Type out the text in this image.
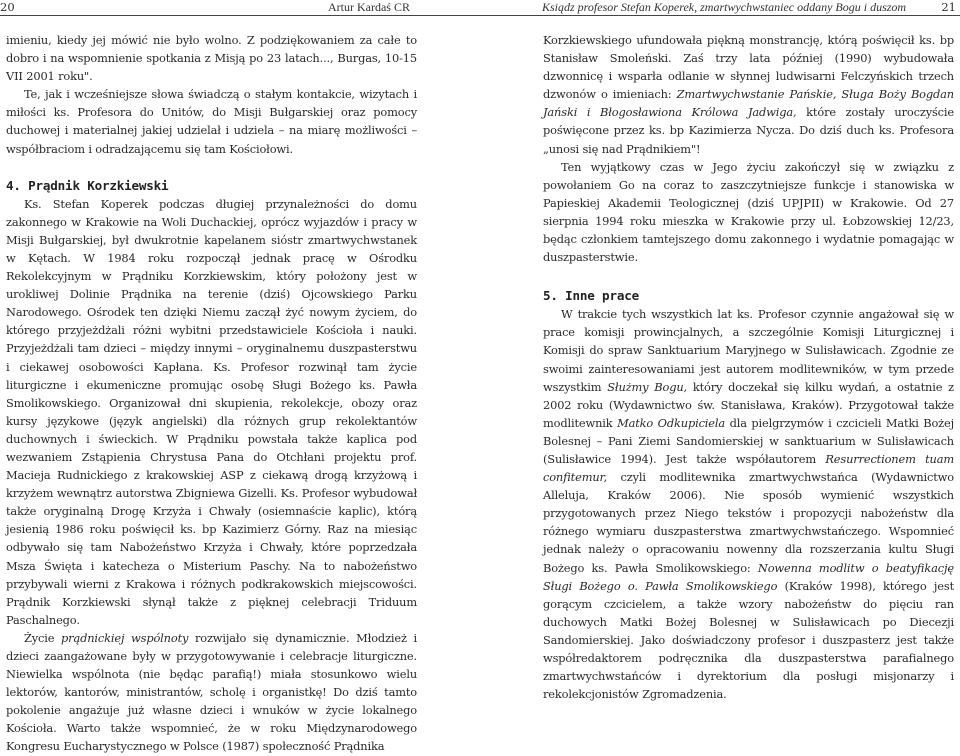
20	Artur Kardaś CR	Ksiądz profesor Stefan Koperek, zmartwychwstaniec oddany Bogu i duszom	21

imieniu, kiedy jej mówić nie było wolno. Z podziękowaniem za całe to dobro i na wspomnienie spotkania z Misją po 23 latach..., Burgas, 10-15 VII 2001 roku".

Te, jak i wcześniejsze słowa świadczą o stałym kontakcie, wizytach i miłości ks. Profesora do Unitów, do Misji Bułgarskiej oraz pomocy duchowej i materialnej jakiej udzielał i udziela – na miarę możliwości – współbraciom i odradzającemu się tam Kościołowi.

4. Prądnik Korzkiewski

Ks. Stefan Koperek podczas długiej przynależności do domu zakonnego w Krakowie na Woli Duchackiej, oprócz wyjazdów i pracy w Misji Bułgarskiej, był dwukrotnie kapelanem sióstr zmartwychwstanek w Kętach. W 1984 roku rozpoczął jednak pracę w Ośrodku Rekolekcyjnym w Prądniku Korzkiewskim, który położony jest w urokliwej Dolinie Prądnika na terenie (dziś) Ojcowskiego Parku Narodowego. Ośrodek ten dzięki Niemu zaczął żyć nowym życiem, do którego przyjeżdżali różni wybitni przedstawiciele Kościoła i nauki. Przyjeżdżali tam dzieci – między innymi – oryginalnemu duszpasterstwu i ciekawej osobowości Kapłana. Ks. Profesor rozwinął tam życie liturgiczne i ekumeniczne promując osobę Sługi Bożego ks. Pawła Smolikowskiego. Organizował dni skupienia, rekolekcje, obozy oraz kursy językowe (język angielski) dla różnych grup rekolektantów duchownych i świeckich. W Prądniku powstała także kaplica pod wezwaniem Zstąpienia Chrystusa Pana do Otchłani projektu prof. Macieja Rudnickiego z krakowskiej ASP z ciekawą drogą krzyżową i krzyżem wewnątrz autorstwa Zbigniewa Gizelli. Ks. Profesor wybudował także oryginalną Drogę Krzyża i Chwały (osiemnaście kaplic), którą jesienią 1986 roku poświęcił ks. bp Kazimierz Górny. Raz na miesiąc odbywało się tam Nabożeństwo Krzyża i Chwały, które poprzedzała Msza Święta i katecheza o Misterium Paschy. Na to nabożeństwo przybywali wierni z Krakowa i różnych podkrakowskich miejscowości. Prądnik Korzkiewski słynął także z pięknej celebracji Triduum Paschalnego.

Życie prądnickiej wspólnoty rozwijało się dynamicznie. Młodzież i dzieci zaangażowane były w przygotowywanie i celebracje liturgiczne. Niewielka wspólnota (nie będąc parafią!) miała stosunkowo wielu lektorów, kantorów, ministrantów, scholę i organistkę! Do dziś tamto pokolenie angażuje już własne dzieci i wnuków w życie lokalnego Kościoła. Warto także wspomnieć, że w roku Międzynarodowego Kongresu Eucharystycznego w Polsce (1987) społeczność Prądnika

Korzkiewskiego ufundowała piękną monstrancję, którą poświęcił ks. bp Stanisław Smoleński. Zaś trzy lata później (1990) wybudowała dzwonnicę i wsparła odlanie w słynnej ludwisarni Felczyńskich trzech dzwonów o imieniach: Zmartwychwstanie Pańskie, Sługa Boży Bogdan Jański i Błogosławiona Królowa Jadwiga, które zostały uroczyście poświęcone przez ks. bp Kazimierza Nycza. Do dziś duch ks. Profesora „unosi się nad Prądnikiem"!

Ten wyjątkowy czas w Jego życiu zakończył się w związku z powołaniem Go na coraz to zaszczytniejsze funkcje i stanowiska w Papieskiej Akademii Teologicznej (dziś UPJPII) w Krakowie. Od 27 sierpnia 1994 roku mieszka w Krakowie przy ul. Łobzowskiej 12/23, będąc członkiem tamtejszego domu zakonnego i wydatnie pomagając w duszpasterstwie.

5. Inne prace

W trakcie tych wszystkich lat ks. Profesor czynnie angażował się w prace komisji prowincjalnych, a szczególnie Komisji Liturgicznej i Komisji do spraw Sanktuarium Maryjnego w Sulisławicach. Zgodnie ze swoimi zainteresowaniami jest autorem modlitewników, w tym przede wszystkim Służmy Bogu, który doczekał się kilku wydań, a ostatnie z 2002 roku (Wydawnictwo św. Stanisława, Kraków). Przygotował także modlitewnik Matko Odkupiciela dla pielgrzymów i czcicieli Matki Bożej Bolesnej – Pani Ziemi Sandomierskiej w sanktuarium w Sulisławicach (Sulisławice 1994). Jest także współautorem Resurrectionem tuam confitemur, czyli modlitewnika zmartwychwstańca (Wydawnictwo Alleluja, Kraków 2006). Nie sposób wymienić wszystkich przygotowanych przez Niego tekstów i propozycji nabożeństw dla różnego wymiaru duszpasterstwa zmartwychwstańczego. Wspomnieć jednak należy o opracowaniu nowenny dla rozszerzania kultu Sługi Bożego ks. Pawła Smolikowskiego: Nowenna modlitw o beatyfikację Sługi Bożego o. Pawła Smolikowskiego (Kraków 1998), którego jest gorącym czcicielem, a także wzory nabożeństw do pięciu ran duchowych Matki Bożej Bolesnej w Sulisławicach po Diecezji Sandomierskiej. Jako doświadczony profesor i duszpasterz jest także współredaktorem podręcznika dla duszpasterstwa parafialnego zmartwychwstańców i dyrektorium dla posługi misjonarzy i rekolekcjonistów Zgromadzenia.
